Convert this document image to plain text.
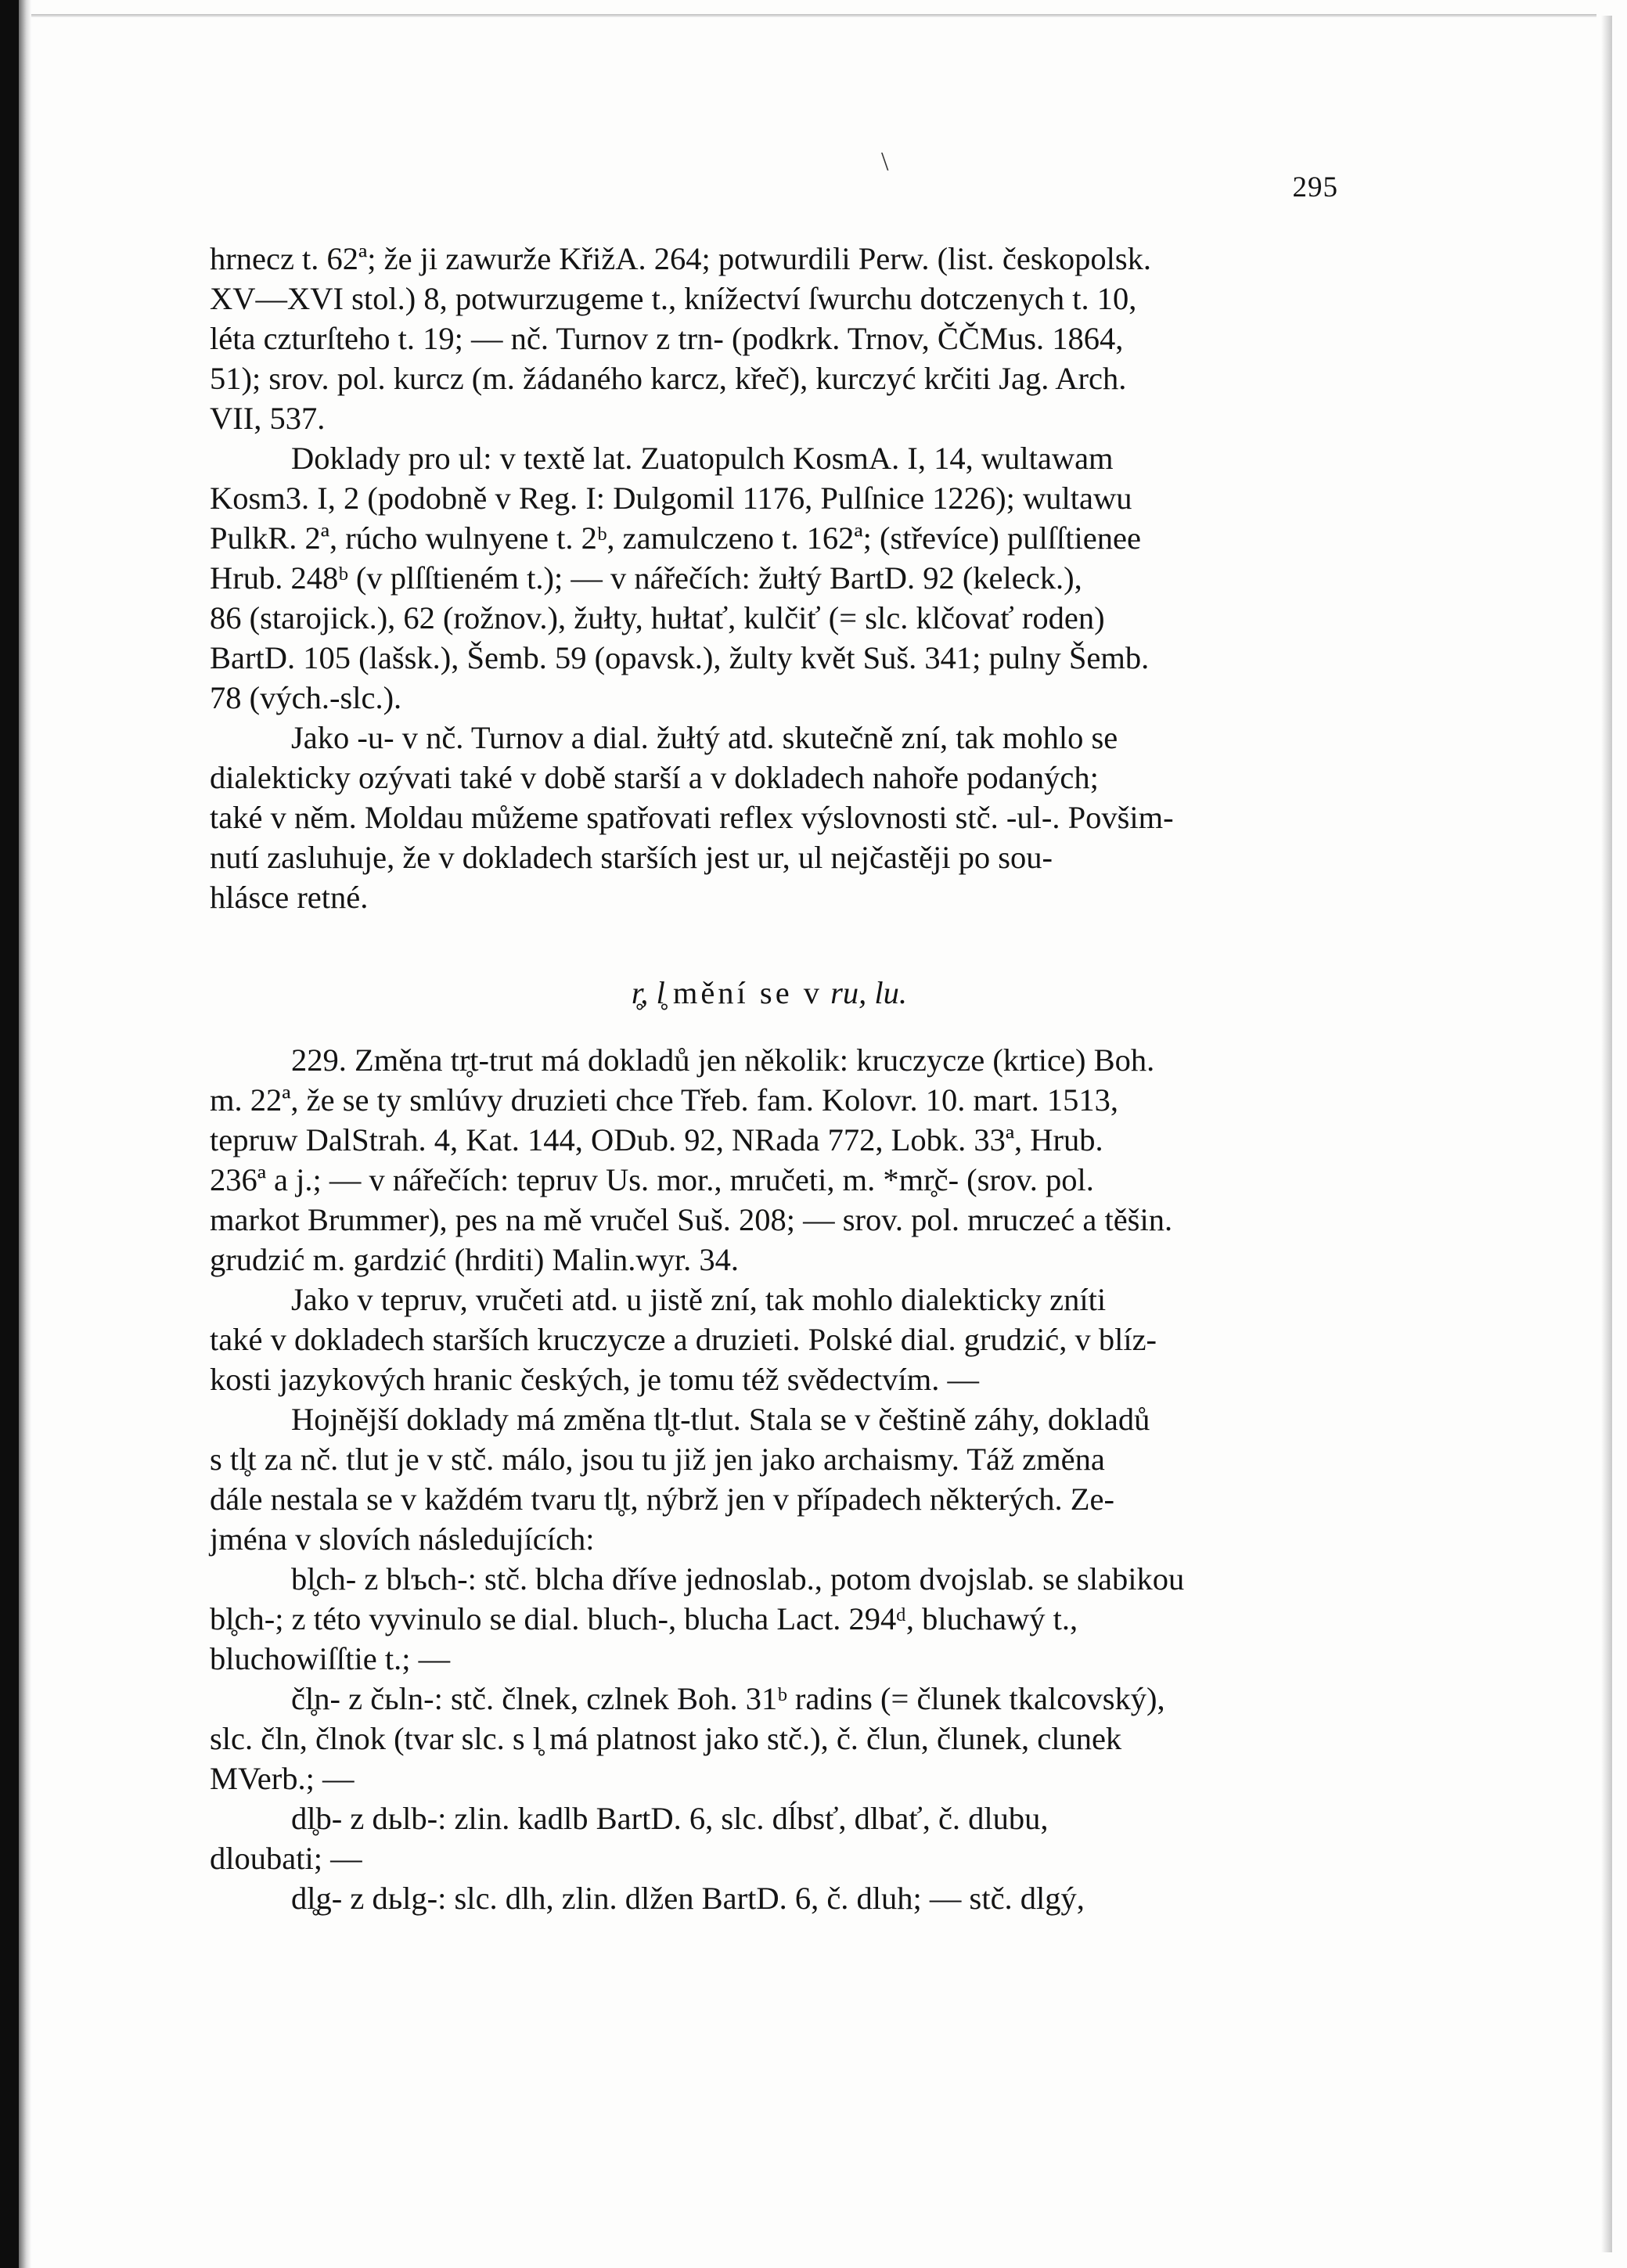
\
295
hrnecz t. 62ª; že ji zawurže KřižA. 264; potwurdili Perw. (list. českopolsk.
XV—XVI stol.) 8, potwurzugeme t., knížectví ſwurchu dotczenych t. 10,
léta czturſteho t. 19; — nč. Turnov z trn- (podkrk. Trnov, ČČMus. 1864,
51); srov. pol. kurcz (m. žádaného karcz, křeč), kurczyć krčiti Jag. Arch.
VII, 537.
Doklady pro ul: v textě lat. Zuatopulch KosmA. I, 14, wultawam
Kosm3. I, 2 (podobně v Reg. I: Dulgomil 1176, Pulſnice 1226); wultawu
PulkR. 2ª, rúcho wulnyene t. 2ᵇ, zamulczeno t. 162ª; (střevíce) pulſſtienee
Hrub. 248ᵇ (v plſſtieném t.); — v nářečích: žułtý BartD. 92 (keleck.),
86 (starojick.), 62 (rožnov.), žułty, hułtať, kulčiť (= slc. klčovať roden)
BartD. 105 (lašsk.), Šemb. 59 (opavsk.), žulty květ Suš. 341; pulny Šemb.
78 (vých.-slc.).
Jako -u- v nč. Turnov a dial. žułtý atd. skutečně zní, tak mohlo se
dialekticky ozývati také v době starší a v dokladech nahoře podaných;
také v něm. Moldau můžeme spatřovati reflex výslovnosti stč. -ul-. Povšim-
nutí zasluhuje, že v dokladech starších jest ur, ul nejčastěji po sou-
hlásce retné.
r̥, l̥ mění se v ru, lu.
229. Změna tr̥t-trut má dokladů jen několik: kruczycze (krtice) Boh.
m. 22ª, že se ty smlúvy druzieti chce Třeb. fam. Kolovr. 10. mart. 1513,
tepruw DalStrah. 4, Kat. 144, ODub. 92, NRada 772, Lobk. 33ª, Hrub.
236ª a j.; — v nářečích: tepruv Us. mor., mručeti, m. *mr̥č- (srov. pol.
markot Brummer), pes na mě vručel Suš. 208; — srov. pol. mruczeć a těšin.
grudzić m. gardzić (hrditi) Malin.wyr. 34.
Jako v tepruv, vručeti atd. u jistě zní, tak mohlo dialekticky zníti
také v dokladech starších kruczycze a druzieti. Polské dial. grudzić, v blíz-
kosti jazykových hranic českých, je tomu též svědectvím. —
Hojnější doklady má změna tl̥t-tlut. Stala se v češtině záhy, dokladů
s tl̥t za nč. tlut je v stč. málo, jsou tu již jen jako archaismy. Táž změna
dále nestala se v každém tvaru tl̥t, nýbrž jen v případech některých. Ze-
jména v slovích následujících:
bl̥ch- z blъch-: stč. blcha dříve jednoslab., potom dvojslab. se slabikou
bl̥ch-; z této vyvinulo se dial. bluch-, blucha Lact. 294ᵈ, bluchawý t.,
bluchowiſſtie t.; —
čl̥n- z čьln-: stč. člnek, czlnek Boh. 31ᵇ radins (= člunek tkalcovský),
slc. čln, člnok (tvar slc. s l̥ má platnost jako stč.), č. člun, člunek, clunek
MVerb.; —
dl̥b- z dьlb-: zlin. kadlb BartD. 6, slc. dĺbsť, dlbať, č. dlubu,
dloubati; —
dl̥g- z dьlg-: slc. dlh, zlin. dlžen BartD. 6, č. dluh; — stč. dlgý,
